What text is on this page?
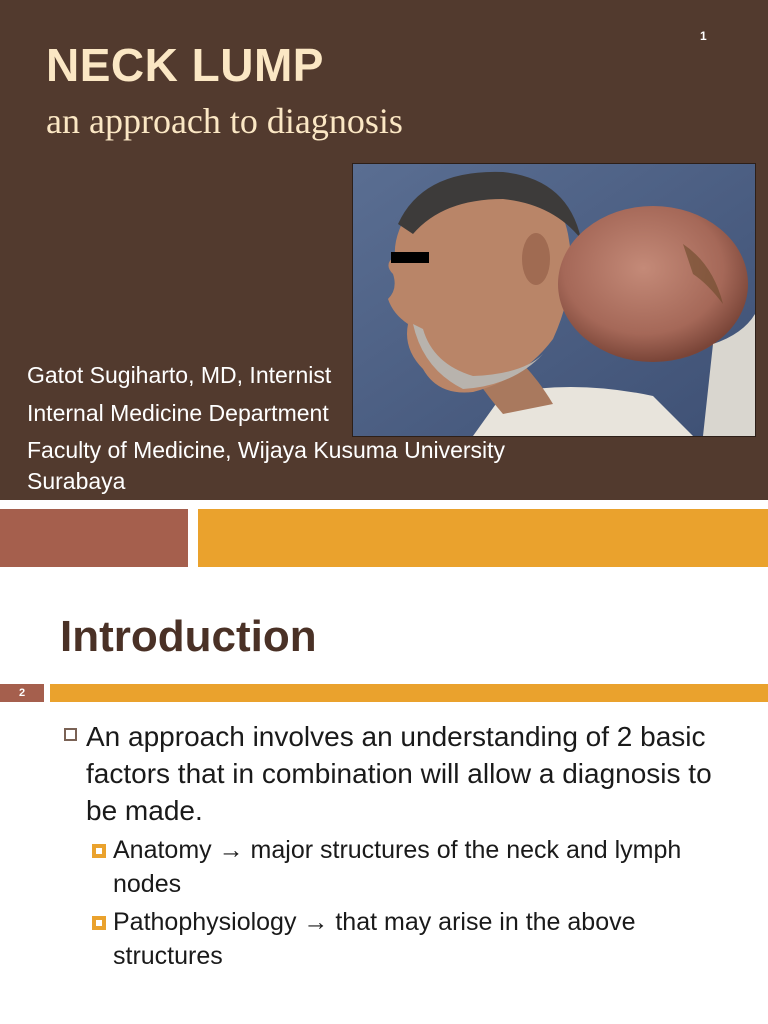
1
NECK LUMP
an approach to diagnosis
Gatot Sugiharto, MD, Internist
Internal Medicine Department
Faculty of Medicine, Wijaya Kusuma University
Surabaya
Introduction
2
An approach involves an understanding of 2 basic factors that in combination will allow a diagnosis to be made.
Anatomy → major structures of the neck and lymph nodes
Pathophysiology → that may arise in the above structures
